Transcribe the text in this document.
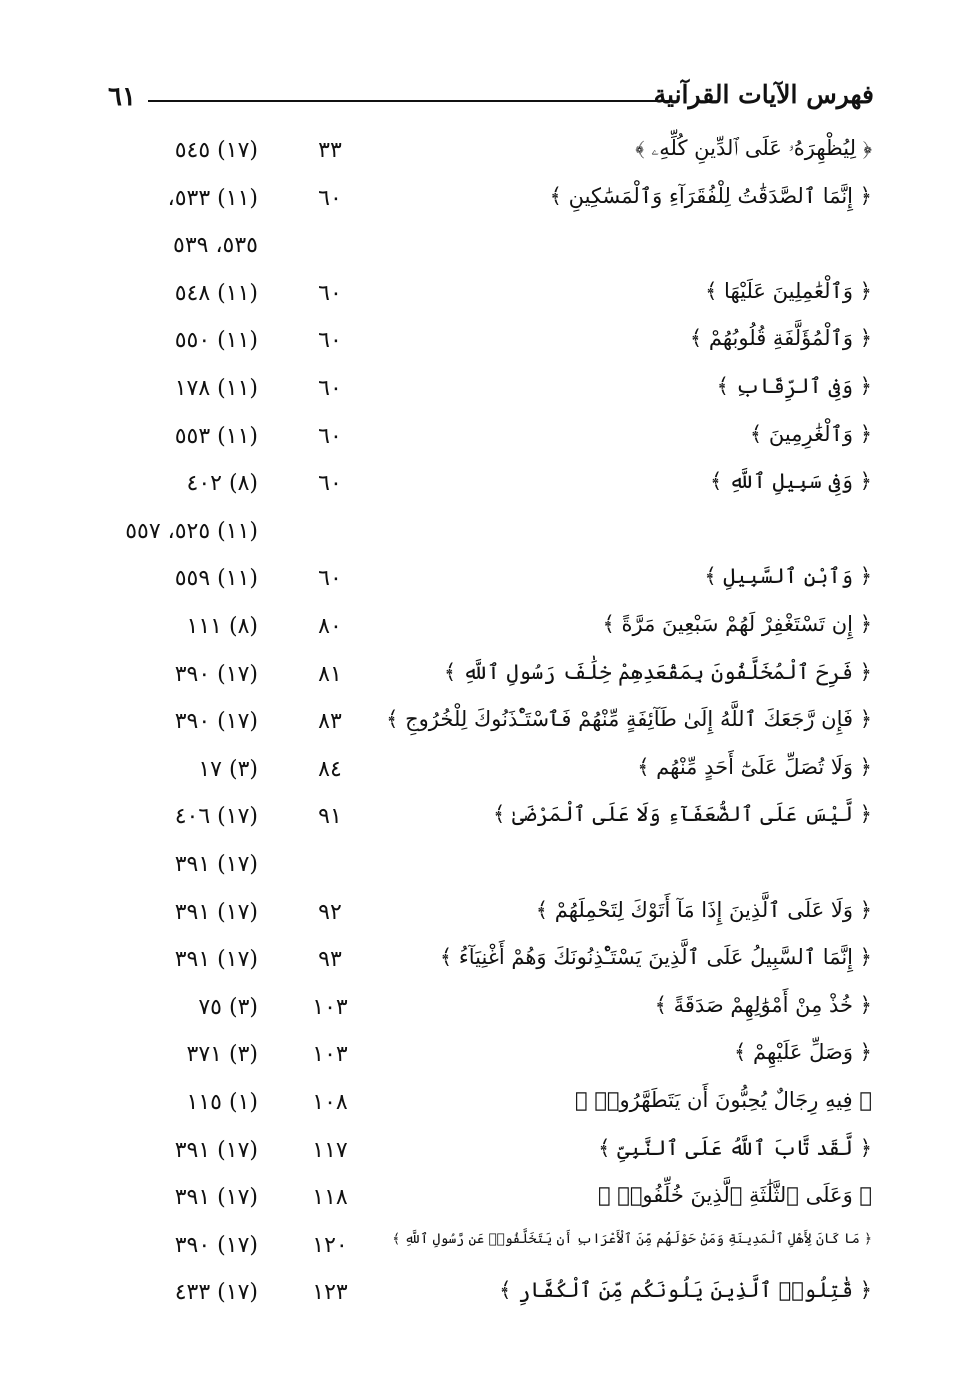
٦١	فهرس الآيات القرآنية
﴿ لِيُظْهِرَهُۥ عَلَى ٱلدِّينِ كُلِّهِۦ ﴾
٣٣
(١٧) ٥٤٥
﴿ إِنَّمَا ٱلصَّدَقَٰتُ لِلْفُقَرَآءِ وَٱلْمَسَٰكِينِ ﴾
٦٠
(١١) ٥٣٣،
٥٣٥، ٥٣٩
﴿ وَٱلْعَٰمِلِينَ عَلَيْهَا ﴾
٦٠
(١١) ٥٤٨
﴿ وَٱلْمُؤَلَّفَةِ قُلُوبُهُمْ ﴾
٦٠
(١١) ٥٥٠
﴿ وَفِى ٱلرِّقَابِ ﴾
٦٠
(١١) ١٧٨
﴿ وَٱلْغَٰرِمِينَ ﴾
٦٠
(١١) ٥٥٣
﴿ وَفِى سَبِيلِ ٱللَّهِ ﴾
٦٠
(٨) ٤٠٢
(١١) ٥٢٥، ٥٥٧
﴿ وَٱبْنِ ٱلسَّبِيلِ ﴾
٦٠
(١١) ٥٥٩
﴿ إِن تَسْتَغْفِرْ لَهُمْ سَبْعِينَ مَرَّةً ﴾
٨٠
(٨) ١١١
﴿ فَرِحَ ٱلْمُخَلَّفُونَ بِمَقْعَدِهِمْ خِلَٰفَ رَسُولِ ٱللَّهِ ﴾
٨١
(١٧) ٣٩٠
﴿ فَإِن رَّجَعَكَ ٱللَّهُ إِلَىٰ طَآئِفَةٍ مِّنْهُمْ فَٱسْتَـْٔذَنُوكَ لِلْخُرُوجِ ﴾
٨٣
(١٧) ٣٩٠
﴿ وَلَا تُصَلِّ عَلَىٰٓ أَحَدٍ مِّنْهُم ﴾
٨٤
(٣) ١٧
﴿ لَّيْسَ عَلَى ٱلضُّعَفَآءِ وَلَا عَلَى ٱلْمَرْضَىٰ ﴾
٩١
(١٧) ٤٠٦
(١٧) ٣٩١
﴿ وَلَا عَلَى ٱلَّذِينَ إِذَا مَآ أَتَوْكَ لِتَحْمِلَهُمْ ﴾
٩٢
(١٧) ٣٩١
﴿ إِنَّمَا ٱلسَّبِيلُ عَلَى ٱلَّذِينَ يَسْتَـْٔذِنُونَكَ وَهُمْ أَغْنِيَآءُ ﴾
٩٣
(١٧) ٣٩١
﴿ خُذْ مِنْ أَمْوَٰلِهِمْ صَدَقَةً ﴾
١٠٣
(٣) ٧٥
﴿ وَصَلِّ عَلَيْهِمْ ﴾
١٠٣
(٣) ٣٧١
﴿ فِيهِ رِجَالٌ يُحِبُّونَ أَن يَتَطَهَّرُوا۟ ﴾
١٠٨
(١) ١١٥
﴿ لَّقَد تَّابَ ٱللَّهُ عَلَى ٱلنَّبِىِّ ﴾
١١٧
(١٧) ٣٩١
﴿ وَعَلَى ٱلثَّلَٰثَةِ ٱلَّذِينَ خُلِّفُوا۟ ﴾
١١٨
(١٧) ٣٩١
﴿ مَا كَانَ لِأَهْلِ ٱلْمَدِينَةِ وَمَنْ حَوْلَهُم مِّنَ ٱلْأَعْرَابِ أَن يَتَخَلَّفُوا۟ عَن رَّسُولِ ٱللَّهِ ﴾
١٢٠
(١٧) ٣٩٠
﴿ قَٰتِلُوا۟ ٱلَّذِينَ يَلُونَكُم مِّنَ ٱلْكُفَّارِ ﴾
١٢٣
(١٧) ٤٣٣
